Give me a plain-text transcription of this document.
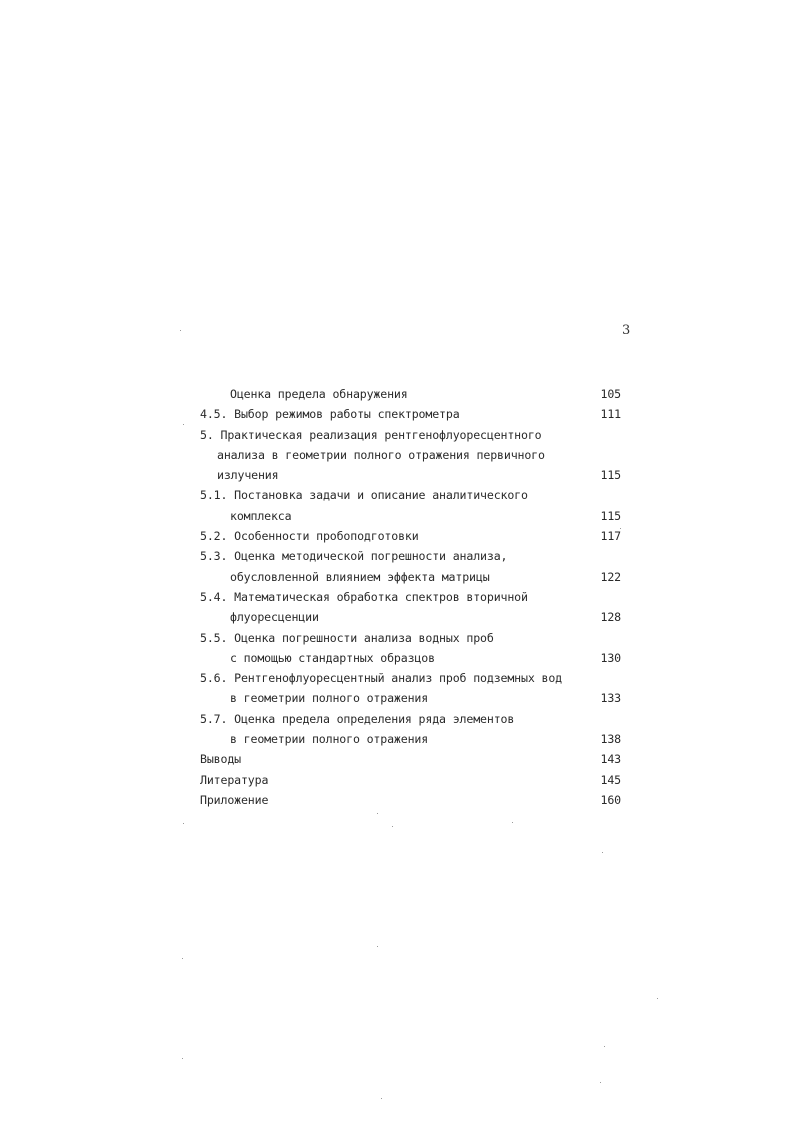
3
Оценка предела обнаружения	105
4.5. Выбор режимов работы спектрометра	111
5. Практическая реализация рентгенофлуоресцентного
анализа в геометрии полного отражения первичного
излучения	115
5.1. Постановка задачи и описание аналитического
комплекса	115
5.2. Особенности пробоподготовки	117
5.3. Оценка методической погрешности анализа,
обусловленной влиянием эффекта матрицы	122
5.4. Математическая обработка спектров вторичной
флуоресценции	128
5.5. Оценка погрешности анализа водных проб
с помощью стандартных образцов	130
5.6. Рентгенофлуоресцентный анализ проб подземных вод
в геометрии полного отражения	133
5.7. Оценка предела определения ряда элементов
в геометрии полного отражения	138
Выводы	143
Литература	145
Приложение	160
